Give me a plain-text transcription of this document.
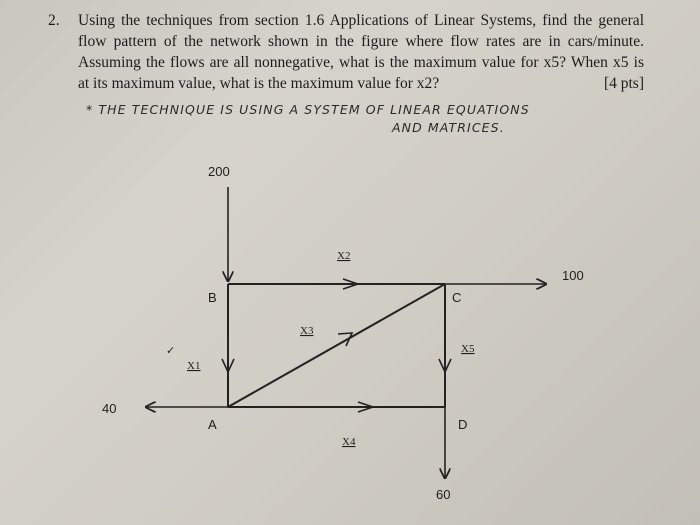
2. Using the techniques from section 1.6 Applications of Linear Systems, find the general
flow pattern of the network shown in the figure where flow rates are in cars/minute.
Assuming the flows are all nonnegative, what is the maximum value for x5? When x5 is
at its maximum value, what is the maximum value for x2?	[4 pts]
* THE TECHNIQUE IS USING A SYSTEM OF LINEAR EQUATIONS
AND MATRICES.
200
100
40
60
B	C
A	D
X2
X3
X1
X5
X4
✓
